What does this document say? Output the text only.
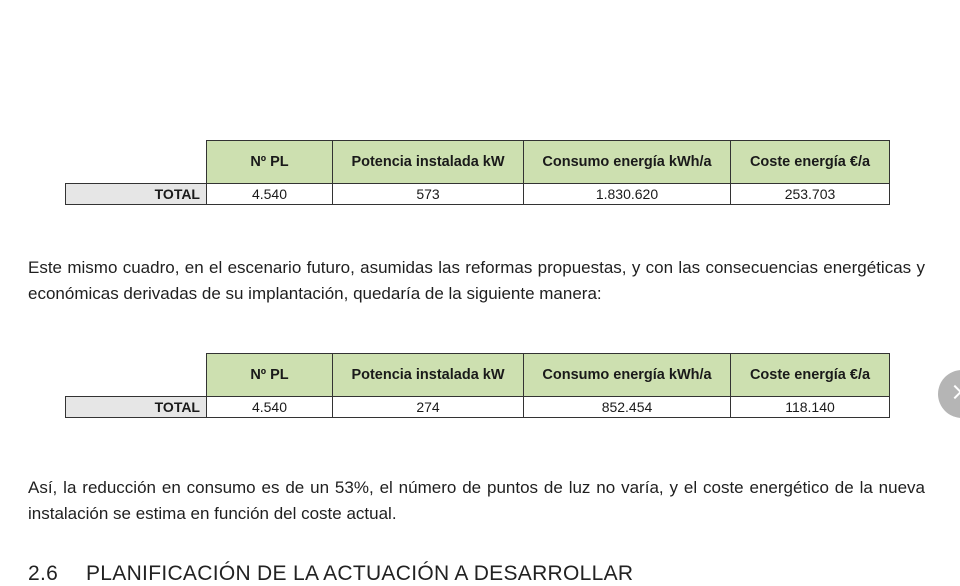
	Nº PL	Potencia instalada kW	Consumo energía kWh/a	Coste energía €/a
TOTAL	4.540	573	1.830.620	253.703

Este mismo cuadro, en el escenario futuro, asumidas las reformas propuestas, y con las consecuencias energéticas y económicas derivadas de su implantación, quedaría de la siguiente manera:

	Nº PL	Potencia instalada kW	Consumo energía kWh/a	Coste energía €/a
TOTAL	4.540	274	852.454	118.140

Así, la reducción en consumo es de un 53%, el número de puntos de luz no varía, y el coste energético de la nueva instalación se estima en función del coste actual.

2.6 PLANIFICACIÓN DE LA ACTUACIÓN A DESARROLLAR
